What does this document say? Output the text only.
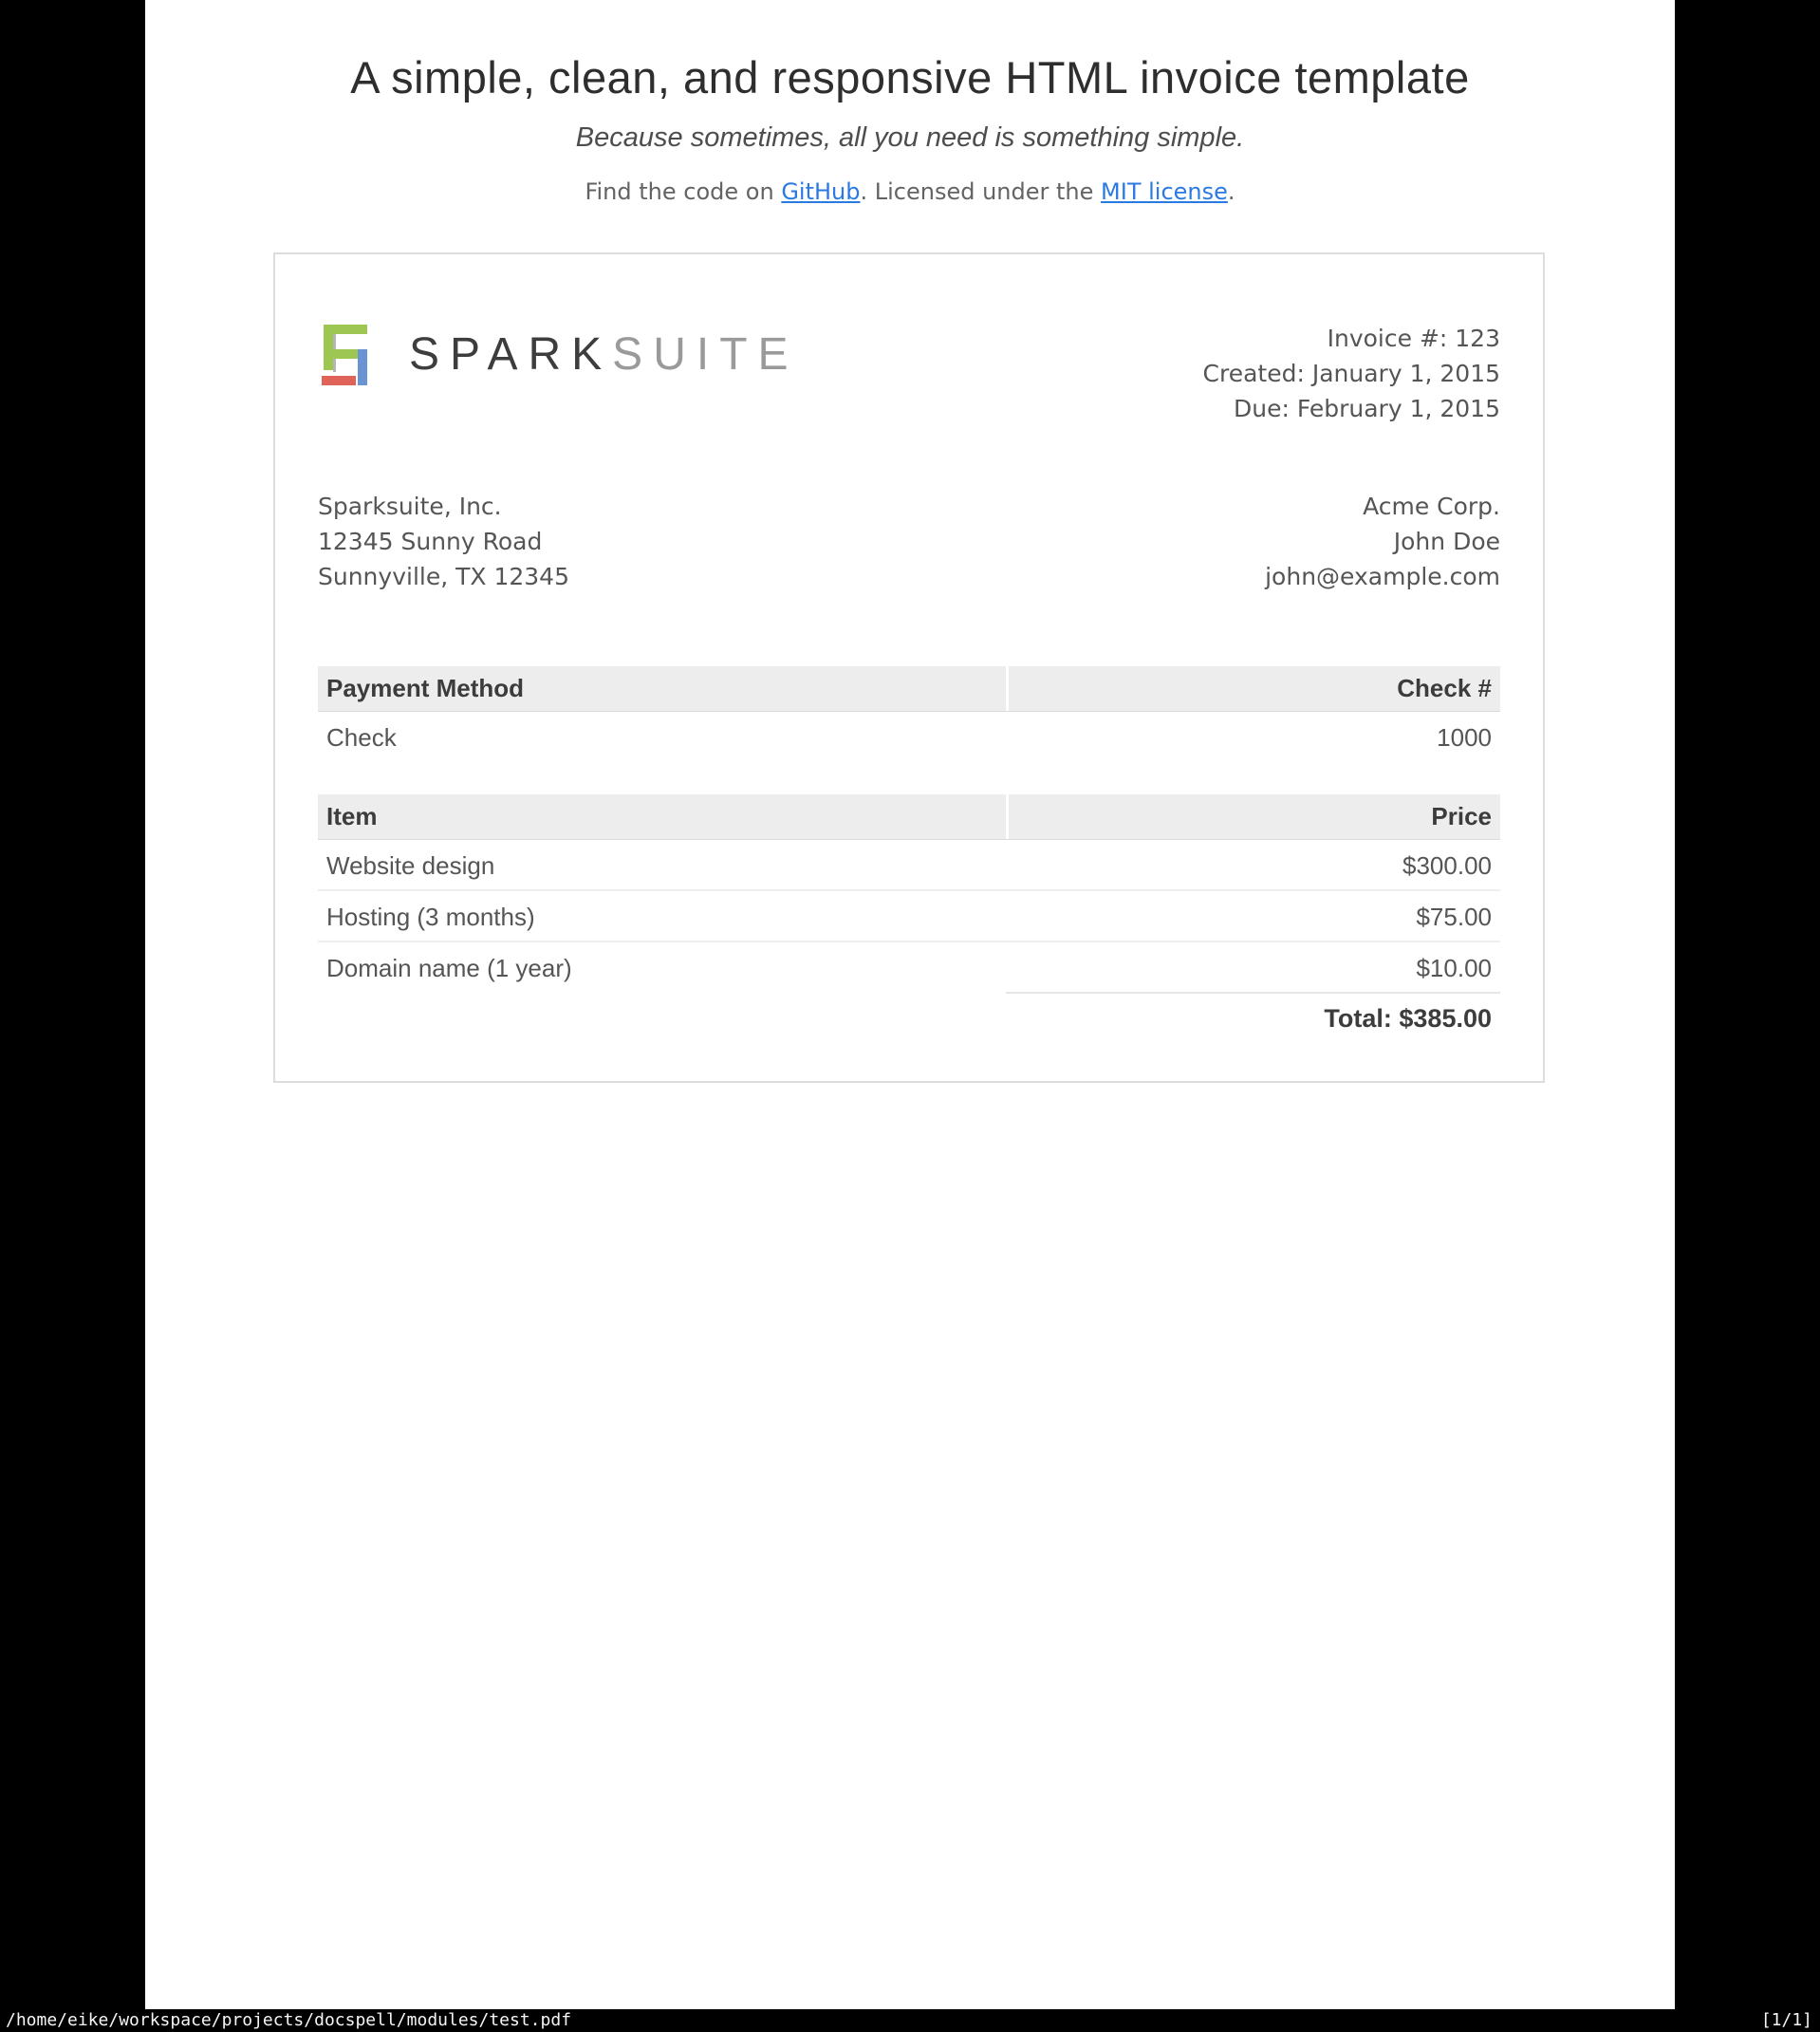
A simple, clean, and responsive HTML invoice template
Because sometimes, all you need is something simple.
Find the code on GitHub. Licensed under the MIT license.
SPARKSUITE	Invoice #: 123
Created: January 1, 2015
Due: February 1, 2015
Sparksuite, Inc.
12345 Sunny Road
Sunnyville, TX 12345
Acme Corp.
John Doe
john@example.com
Payment Method	Check #
Check	1000
Item	Price
Website design	$300.00
Hosting (3 months)	$75.00
Domain name (1 year)	$10.00
Total: $385.00
/home/eike/workspace/projects/docspell/modules/test.pdf	[1/1]
